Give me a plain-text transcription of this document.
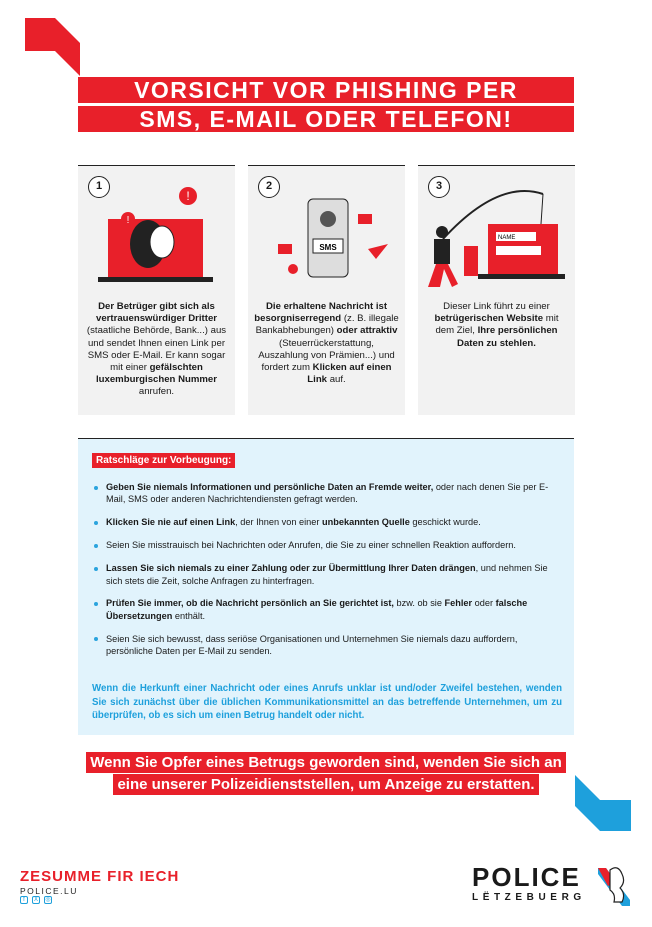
VORSICHT VOR PHISHING PER
SMS, E-MAIL ODER TELEFON!
1
!
!
Der Betrüger gibt sich als vertrauenswürdiger Dritter (staatliche Behörde, Bank...) aus und sendet Ihnen einen Link per SMS oder E-Mail. Er kann sogar mit einer gefälschten luxemburgischen Nummer anrufen.
2
SMS
Die erhaltene Nachricht ist besorgniserregend (z. B. illegale Bankabhebungen) oder attraktiv (Steuerrückerstattung, Auszahlung von Prämien...) und fordert zum Klicken auf einen Link auf.
3
NAME
Dieser Link führt zu einer betrügerischen Website mit dem Ziel, Ihre persönlichen Daten zu stehlen.
Ratschläge zur Vorbeugung:
Geben Sie niemals Informationen und persönliche Daten an Fremde weiter, oder nach denen Sie per E-Mail, SMS oder anderen Nachrichtendiensten gefragt werden.
Klicken Sie nie auf einen Link, der Ihnen von einer unbekannten Quelle geschickt wurde.
Seien Sie misstrauisch bei Nachrichten oder Anrufen, die Sie zu einer schnellen Reaktion auffordern.
Lassen Sie sich niemals zu einer Zahlung oder zur Übermittlung Ihrer Daten drängen, und nehmen Sie sich stets die Zeit, solche Anfragen zu hinterfragen.
Prüfen Sie immer, ob die Nachricht persönlich an Sie gerichtet ist, bzw. ob sie Fehler oder falsche Übersetzungen enthält.
Seien Sie sich bewusst, dass seriöse Organisationen und Unternehmen Sie niemals dazu auffordern, persönliche Daten per E-Mail zu senden.
Wenn die Herkunft einer Nachricht oder eines Anrufs unklar ist und/oder Zweifel bestehen, wenden Sie sich zunächst über die üblichen Kommunikationsmittel an das betreffende Unternehmen, um zu überprüfen, ob es sich um einen Betrug handelt oder nicht.
Wenn Sie Opfer eines Betrugs geworden sind, wenden Sie sich an
eine unserer Polizeidienststellen, um Anzeige zu erstatten.
ZESUMME FIR IECH
POLICE.LU
f	X	◎
POLICE
LËTZEBUERG
